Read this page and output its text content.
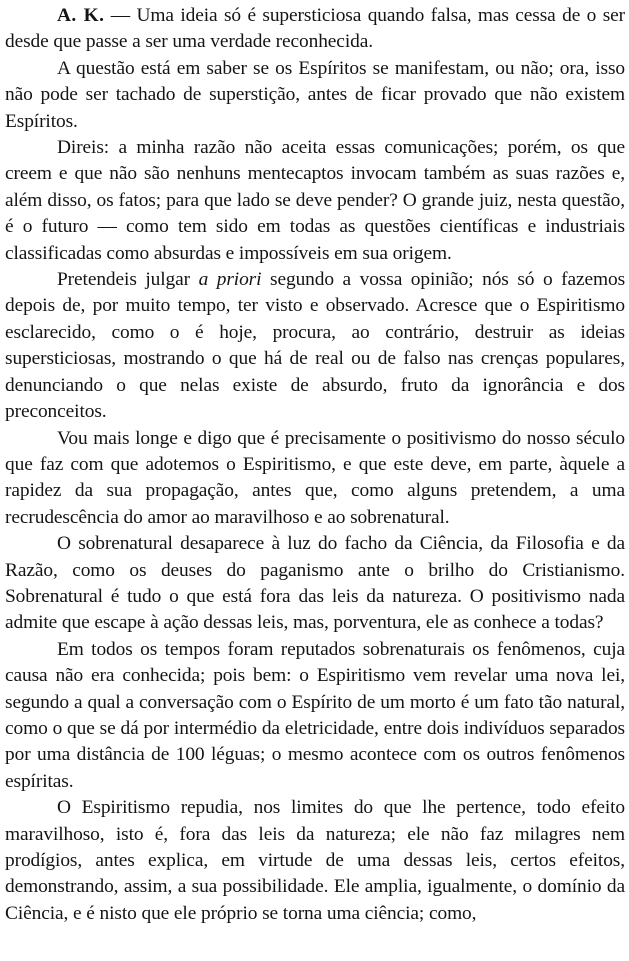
A. K. — Uma ideia só é supersticiosa quando falsa, mas cessa de o ser desde que passe a ser uma verdade reconhecida.

A questão está em saber se os Espíritos se manifestam, ou não; ora, isso não pode ser tachado de superstição, antes de ficar provado que não existem Espíritos.

Direis: a minha razão não aceita essas comunicações; porém, os que creem e que não são nenhuns mentecaptos invocam também as suas razões e, além disso, os fatos; para que lado se deve pender? O grande juiz, nesta questão, é o futuro — como tem sido em todas as questões científicas e industriais classificadas como absurdas e impossíveis em sua origem.

Pretendeis julgar a priori segundo a vossa opinião; nós só o fazemos depois de, por muito tempo, ter visto e observado. Acresce que o Espiritismo esclarecido, como o é hoje, procura, ao contrário, destruir as ideias supersticiosas, mostrando o que há de real ou de falso nas crenças populares, denunciando o que nelas existe de absurdo, fruto da ignorância e dos preconceitos.

Vou mais longe e digo que é precisamente o positivismo do nosso século que faz com que adotemos o Espiritismo, e que este deve, em parte, àquele a rapidez da sua propagação, antes que, como alguns pretendem, a uma recrudescência do amor ao maravilhoso e ao sobrenatural.

O sobrenatural desaparece à luz do facho da Ciência, da Filosofia e da Razão, como os deuses do paganismo ante o brilho do Cristianismo. Sobrenatural é tudo o que está fora das leis da natureza. O positivismo nada admite que escape à ação dessas leis, mas, porventura, ele as conhece a todas?

Em todos os tempos foram reputados sobrenaturais os fenômenos, cuja causa não era conhecida; pois bem: o Espiritismo vem revelar uma nova lei, segundo a qual a conversação com o Espírito de um morto é um fato tão natural, como o que se dá por intermédio da eletricidade, entre dois indivíduos separados por uma distância de 100 léguas; o mesmo acontece com os outros fenômenos espíritas.

O Espiritismo repudia, nos limites do que lhe pertence, todo efeito maravilhoso, isto é, fora das leis da natureza; ele não faz milagres nem prodígios, antes explica, em virtude de uma dessas leis, certos efeitos, demonstrando, assim, a sua possibilidade. Ele amplia, igualmente, o domínio da Ciência, e é nisto que ele próprio se torna uma ciência; como,
